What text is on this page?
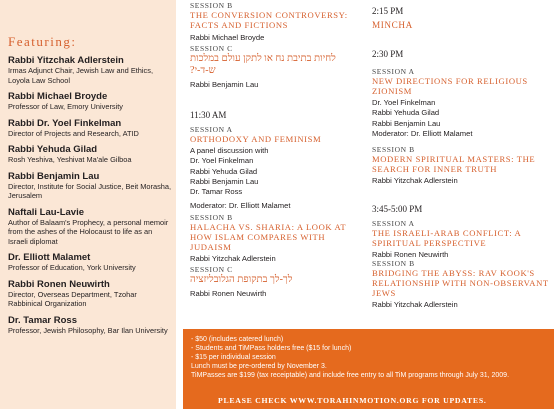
Featuring:
Rabbi Yitzchak Adlerstein
Irmas Adjunct Chair, Jewish Law and Ethics, Loyola Law School
Rabbi Michael Broyde
Professor of Law, Emory University
Rabbi Dr. Yoel Finkelman
Director of Projects and Research, ATID
Rabbi Yehuda Gilad
Rosh Yeshiva, Yeshivat Ma'ale Gilboa
Rabbi Benjamin Lau
Director, Institute for Social Justice, Beit Morasha, Jerusalem
Naftali Lau-Lavie
Author of Balaam's Prophecy, a personal memoir from the ashes of the Holocaust to life as an Israeli diplomat
Dr. Elliott Malamet
Professor of Education, York University
Rabbi Ronen Neuwirth
Director, Overseas Department, Tzohar Rabbinical Organization
Dr. Tamar Ross
Professor, Jewish Philosophy, Bar Ilan University
SESSION B
THE CONVERSION CONTROVERSY: FACTS AND FICTIONS
Rabbi Michael Broyde
SESSION C
לחיות בתיבת נח או לתקן עולם במלכות ש-ד-י?
Rabbi Benjamin Lau
11:30 AM
SESSION A
ORTHODOXY AND FEMINISM
A panel discussion with
Dr. Yoel Finkelman
Rabbi Yehuda Gilad
Rabbi Benjamin Lau
Dr. Tamar Ross
Moderator: Dr. Elliott Malamet
SESSION B
HALACHA VS. SHARIA: A LOOK AT HOW ISLAM COMPARES WITH JUDAISM
Rabbi Yitzchak Adlerstein
SESSION C
לך-לך בתקופת הגלובליזציה
Rabbi Ronen Neuwirth
2:15 PM
MINCHA
2:30 PM
SESSION A
NEW DIRECTIONS FOR RELIGIOUS ZIONISM
Dr. Yoel Finkelman
Rabbi Yehuda Gilad
Rabbi Benjamin Lau
Moderator: Dr. Elliott Malamet
SESSION B
MODERN SPIRITUAL MASTERS: THE SEARCH FOR INNER TRUTH
Rabbi Yitzchak Adlerstein
3:45-5:00 PM
SESSION A
THE ISRAELI-ARAB CONFLICT: A SPIRITUAL PERSPECTIVE
Rabbi Ronen Neuwirth
SESSION B
BRIDGING THE ABYSS: RAV KOOK'S RELATIONSHIP WITH NON-OBSERVANT JEWS
Rabbi Yitzchak Adlerstein
- $50 (includes catered lunch)
- Students and TiMPass holders free ($15 for lunch)
- $15 per individual session
Lunch must be pre-ordered by November 3.
TiMPasses are $199 (tax receiptable) and include free entry to all TiM programs through July 31, 2009.
PLEASE CHECK WWW.TORAHINMOTION.ORG FOR UPDATES.
